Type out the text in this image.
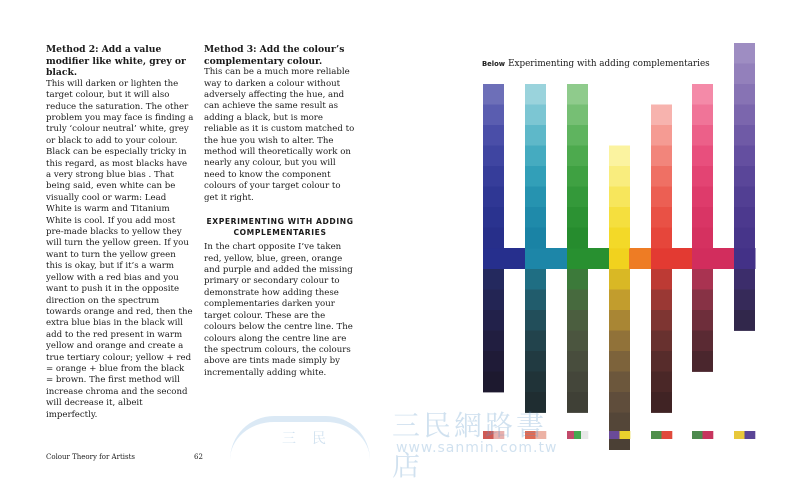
Method 2: Add a value modifier like white, grey or black.

This will darken or lighten the target colour, but it will also reduce the saturation. The other problem you may face is finding a truly ‘colour neutral’ white, grey or black to add to your colour. Black can be especially tricky in this regard, as most blacks have a very strong blue bias . That being said, even white can be visually cool or warm: Lead White is warm and Titanium White is cool. If you add most pre-made blacks to yellow they will turn the yellow green. If you want to turn the yellow green this is okay, but if it’s a warm yellow with a red bias and you want to push it in the opposite direction on the spectrum towards orange and red, then the extra blue bias in the black will add to the red present in warm yellow and orange and create a true tertiary colour; yellow + red = orange + blue from the black = brown. The first method will increase chroma and the second will decrease it, albeit imperfectly.

Method 3: Add the colour’s complementary colour.

This can be a much more reliable way to darken a colour without adversely affecting the hue, and can achieve the same result as adding a black, but is more reliable as it is custom matched to the hue you wish to alter. The method will theoretically work on nearly any colour, but you will need to know the component colours of your target colour to get it right.

EXPERIMENTING WITH ADDING
COMPLEMENTARIES

In the chart opposite I’ve taken red, yellow, blue, green, orange and purple and added the missing primary or secondary colour to demonstrate how adding these complementaries darken your target colour. These are the colours below the centre line. The colours along the centre line are the spectrum colours, the colours above are tints made simply by incrementally adding white.

Colour Theory for Artists	62
Below Experimenting with adding complementaries
三 民 三民網路書店
www.sanmin.com.tw
